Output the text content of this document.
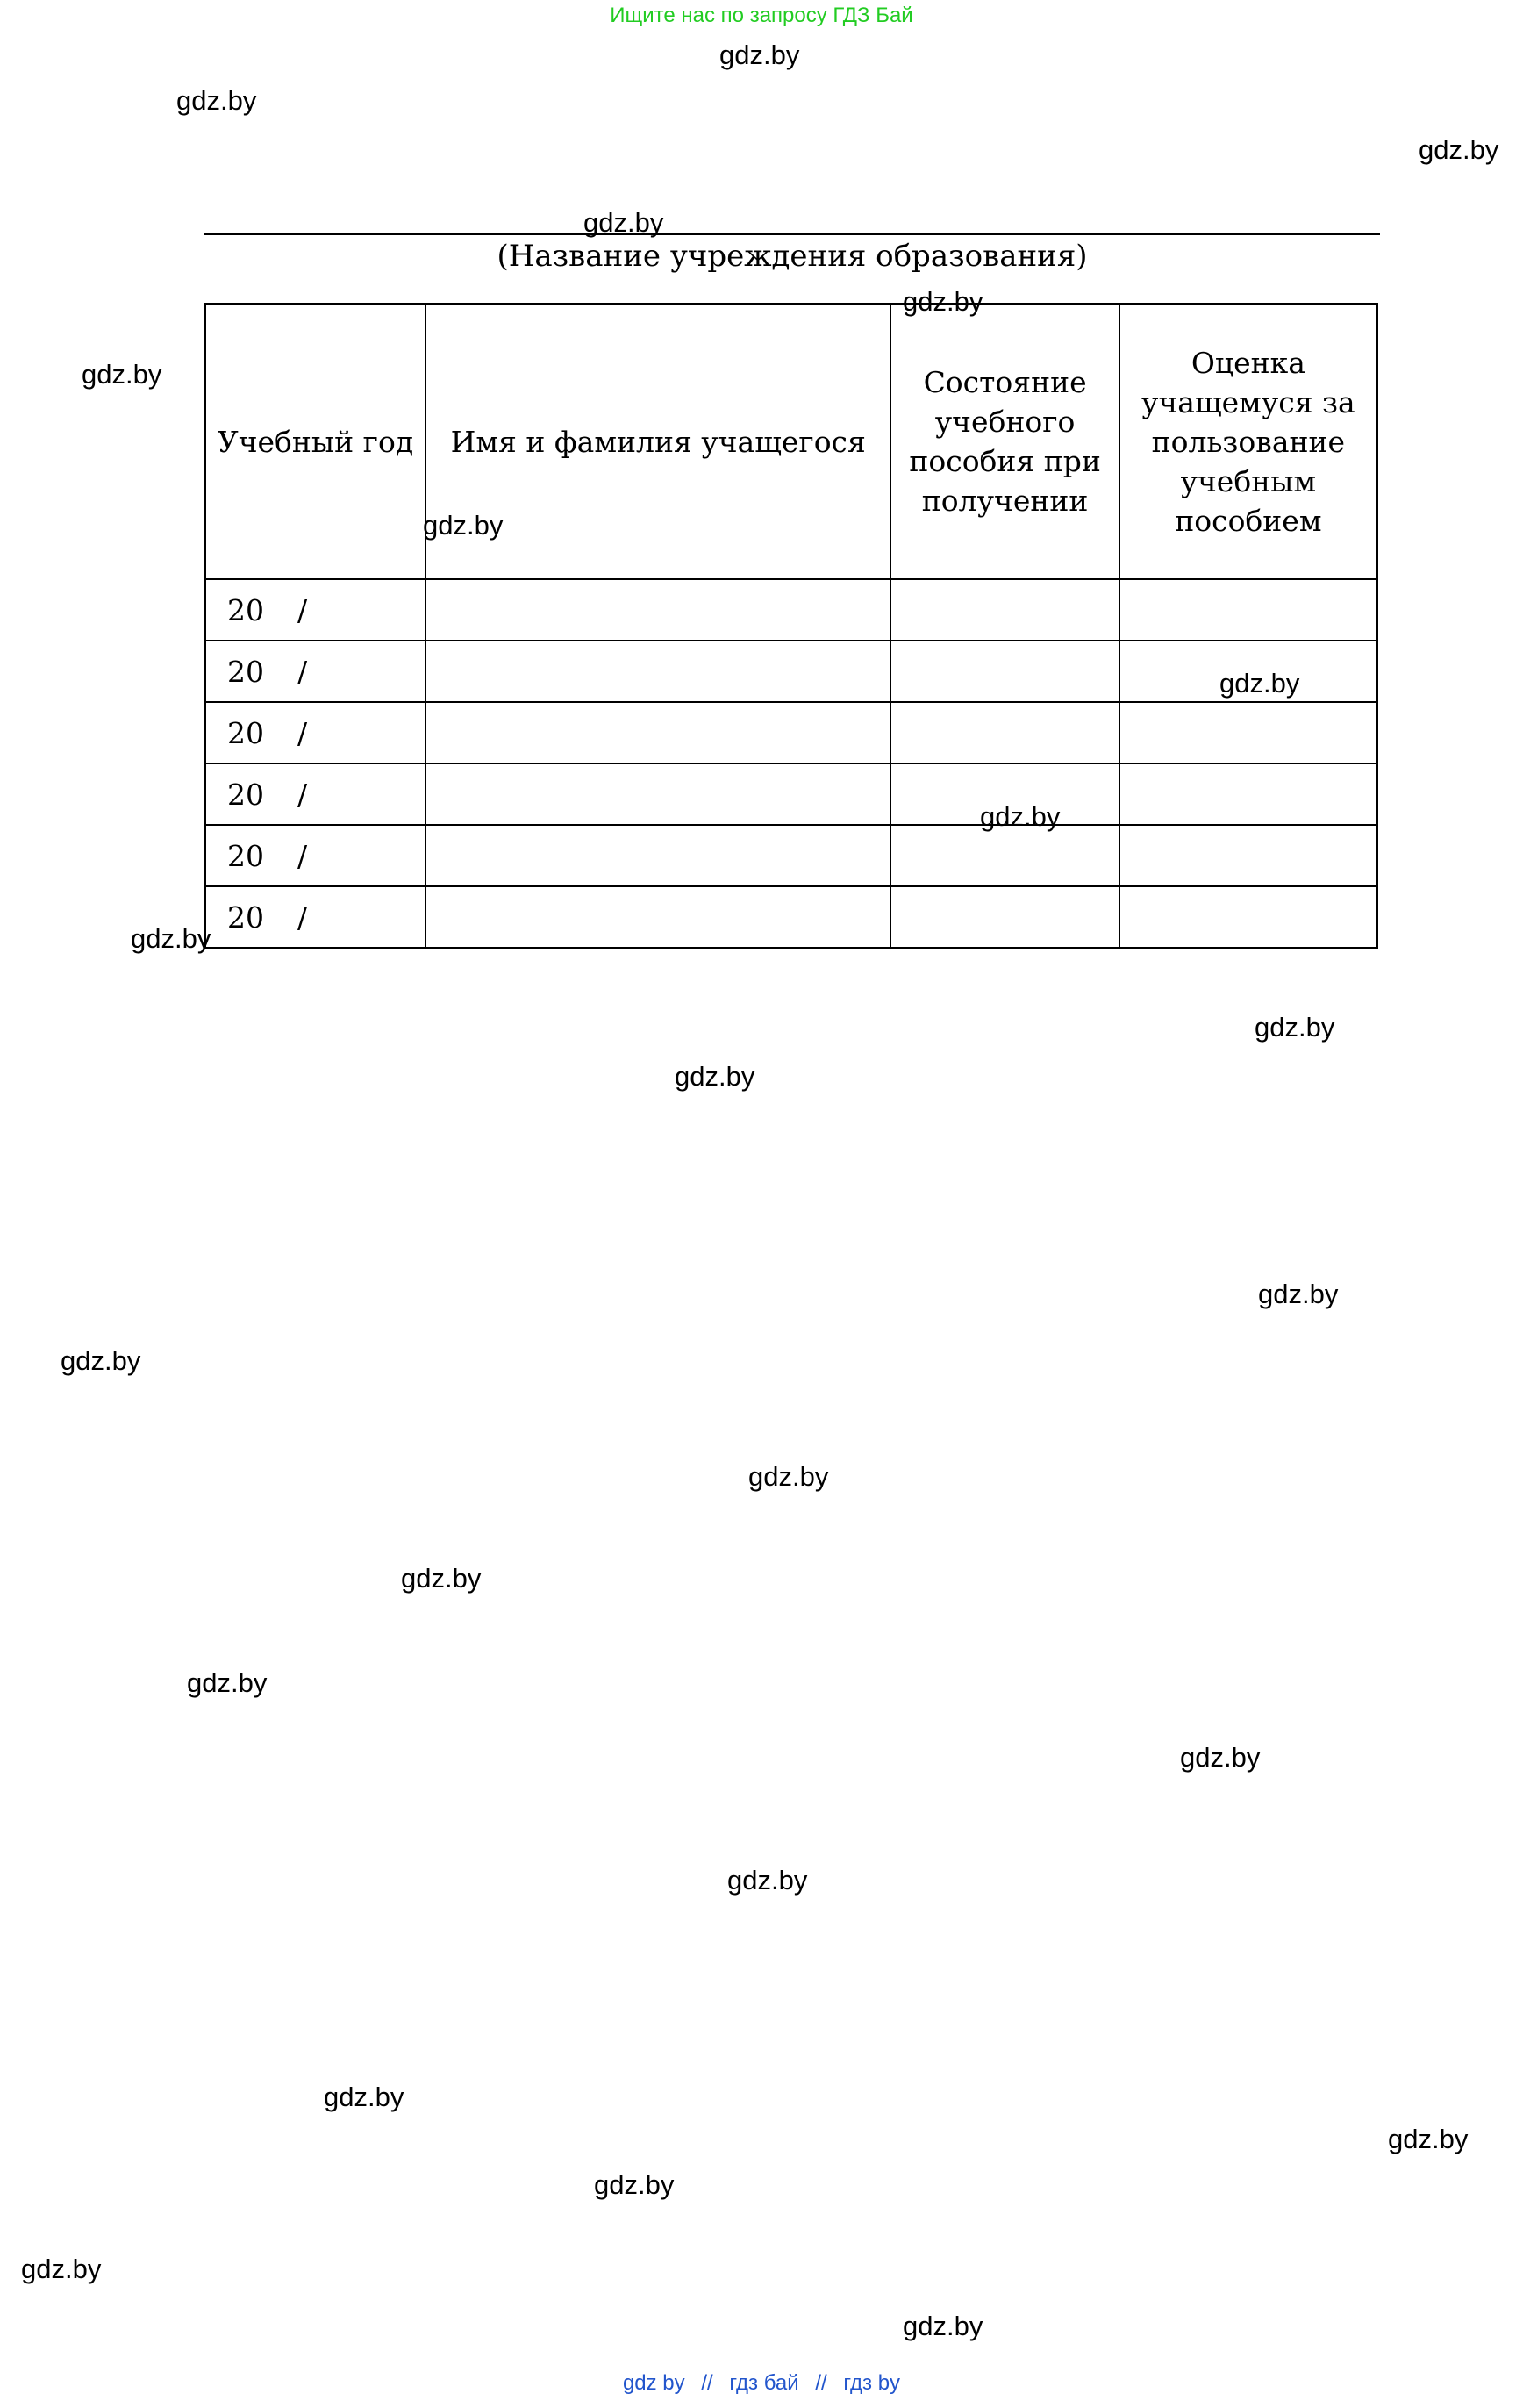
Ищите нас по запросу ГДЗ Бай
(Название учреждения образования)
Учебный год	Имя и фамилия учащегося	Состояние учебного пособия при получении	Оценка учащемуся за пользование учебным пособием
20 /			
20 /			
20 /			
20 /			
20 /			
20 /			
gdz.by
gdz.by
gdz.by
gdz.by
gdz.by
gdz.by
gdz.by
gdz.by
gdz.by
gdz.by
gdz.by
gdz.by
gdz.by
gdz.by
gdz.by
gdz.by
gdz.by
gdz.by
gdz.by
gdz.by
gdz.by
gdz.by
gdz.by
gdz.by
gdz by // гдз бай // гдз by
